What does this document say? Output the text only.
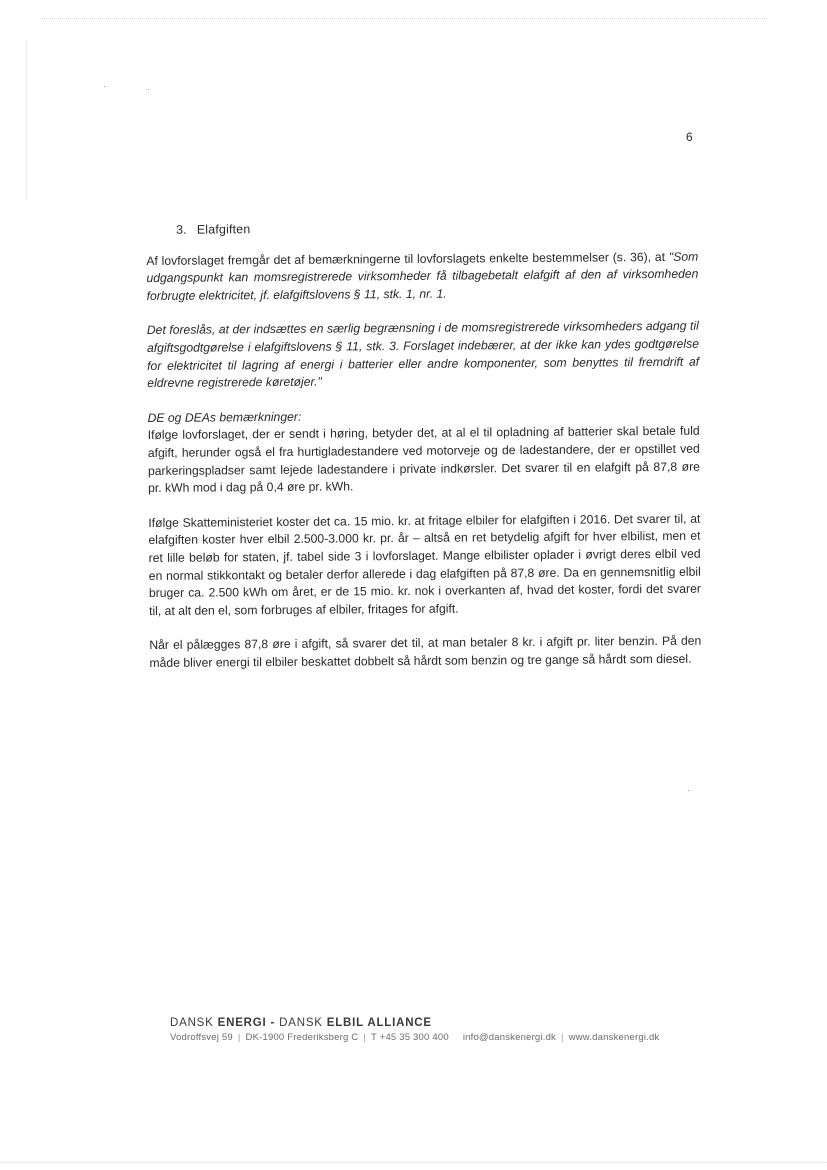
6
3. Elafgiften

Af lovforslaget fremgår det af bemærkningerne til lovforslagets enkelte bestemmelser (s. 36), at "Som udgangspunkt kan momsregistrerede virksomheder få tilbagebetalt elafgift af den af virksomheden forbrugte elektricitet, jf. elafgiftslovens § 11, stk. 1, nr. 1.

Det foreslås, at der indsættes en særlig begrænsning i de momsregistrerede virksomheders adgang til afgiftsgodtgørelse i elafgiftslovens § 11, stk. 3. Forslaget indebærer, at der ikke kan ydes godtgørelse for elektricitet til lagring af energi i batterier eller andre komponenter, som benyttes til fremdrift af eldrevne registrerede køretøjer."

DE og DEAs bemærkninger:
Ifølge lovforslaget, der er sendt i høring, betyder det, at al el til opladning af batterier skal betale fuld afgift, herunder også el fra hurtigladestandere ved motorveje og de ladestandere, der er opstillet ved parkeringspladser samt lejede ladestandere i private indkørsler. Det svarer til en elafgift på 87,8 øre pr. kWh mod i dag på 0,4 øre pr. kWh.

Ifølge Skatteministeriet koster det ca. 15 mio. kr. at fritage elbiler for elafgiften i 2016. Det svarer til, at elafgiften koster hver elbil 2.500-3.000 kr. pr. år – altså en ret betydelig afgift for hver elbilist, men et ret lille beløb for staten, jf. tabel side 3 i lovforslaget. Mange elbilister oplader i øvrigt deres elbil ved en normal stikkontakt og betaler derfor allerede i dag elafgiften på 87,8 øre. Da en gennemsnitlig elbil bruger ca. 2.500 kWh om året, er de 15 mio. kr. nok i overkanten af, hvad det koster, fordi det svarer til, at alt den el, som forbruges af elbiler, fritages for afgift.

Når el pålægges 87,8 øre i afgift, så svarer det til, at man betaler 8 kr. i afgift pr. liter benzin. På den måde bliver energi til elbiler beskattet dobbelt så hårdt som benzin og tre gange så hårdt som diesel.

DANSK ENERGI - DANSK ELBIL ALLIANCE
Vodroffsvej 59 | DK-1900 Frederiksberg C | T +45 35 300 400 info@danskenergi.dk | www.danskenergi.dk
